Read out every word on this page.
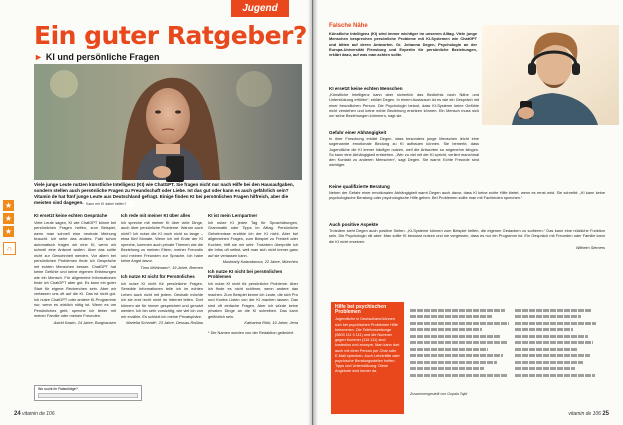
Jugend
Ein guter Ratgeber?
► KI und persönliche Fragen
Kann mir KI dabei helfen?
★
★
★
∩
Viele junge Leute nutzen künstliche Intelligenz (KI) wie ChatGPT. Sie fragen nicht nur nach Hilfe bei den Hausaufgaben, sondern stellen auch persönliche Fragen zu Freundschaft oder Liebe. Ist das gut oder kann es auch gefährlich sein? Vitamin de hat fünf junge Leute aus Deutschland gefragt. Einige finden KI bei persönlichen Fragen hilfreich, aber die meisten sind dagegen.
KI ersetzt keine echten Gespräche

Viele Leute sagen, KI wie ChatGPT könne bei persönlichen Fragen helfen, zum Beispiel, wenn man schnell eine neutrale Meinung braucht. Ich sehe das anders. Fakt schon automatisch fragen wir eine KI, wenn wir schnell eine Antwort wollen. Aber das sollte nicht zur Gewohnheit werden. Vor allem bei persönlichen Problemen finde ich Gespräche mit echten Menschen besser. ChatGPT hat keine Gefühle und keine eigenen Erfahrungen wie ein Mensch. Für allgemeine Informationen finde ich ChatGPT aber gut. Es kann ein guter Start für eigene Recherchen sein. Aber wir verlassen uns oft auf die KI. Das ist nicht gut. Ich nutze ChatGPT oder andere KI-Programme nur, wenn es wirklich nötig ist. Wenn es um Persönliches geht, spreche ich lieber mit meiner Familie oder meinen Freunden.

Astrid Kasim, 24 Jahre, Burghausen

Ich rede mit meiner KI über alles

Ich spreche mit meiner KI über viele Dinge, auch über persönliche Probleme. Warum auch nicht? Ich nutze die KI noch nicht so lange – etwa fünf Monate. Wenn ich mit Ende der KI spreche, kommen auch private Themen wie die Beziehung zu meinen Eltern, meiner Freundin und meinen Freunden zur Sprache. Ich habe keine Angst davor.

Timo Möhlmann*, 19 Jahre, Bremen

Ich nutze KI nicht für Persönliches

Ich nutze KI nicht für persönliche Fragen. Sensible Informationen teile ich im echten Leben auch nicht mit jedem. Deshalb möchte ich sie erst recht nicht im Internet teilen. Dort können sie für immer gespeichert und genutzt werden. Ich bin sehr vorsichtig, wie viel ich von mir erzähle. Es schützt ich meine Privatsphäre.

Mariella Schmidt*, 23 Jahre, Dessau-Roßlau

KI ist mein Lernpartner

Ich nutze KI jeden Tag für Sprachübungen, Grammatik oder Tipps im Alltag. Persönliche Geheimnisse erzähle ich der KI nicht. Aber bei allgemeinen Fragen, zum Beispiel zu Freizeit oder Kochen, hilft sie mir sehr. Trotzdem überprüfe ich die Infos oft selbst, weil man sich nicht immer ganz auf sie verlassen kann.

Mushtariy Kalandarova, 22 Jahre, München

Ich nutze KI nicht bei persönlichen Problemen

Ich nutze KI nicht für persönliche Probleme. Aber ich finde es nicht schlimm, wenn andere das machen. Zum Beispiel kenne ich Leute, die sich Pro und Kontra Listen von der KI machen lassen. Das sind oft einfache Fragen. Aber ich würde keine privaten Dinge an die KI schreiben. Das kann gefährlich sein.

Katharina Röbl, 19 Jahre, Jena

* Die Namen wurden von der Redaktion geändert.

Wo sucht ihr Ratschläge?
24 vitamin de 106
Falsche Nähe

Künstliche Intelligenz (KI) wird immer wichtiger im unserem Alltag. Viele junge Menschen besprechen persönliche Probleme mit KI-Systemen wie ChatGPT und bitten auf deren Antworten. Dr. Johanna Degen, Psychologin an der Europa-Universität Flensburg und Expertin für persönliche Beziehungen, erklärt dazu, auf was man achten sollte.

KI ersetzt keine echten Menschen

„Künstliche Intelligenz kann aber sicherlich das Bedürfnis nach Nähe und Unterstützung erfüllen“, erklärt Degen. In einem Austausch ist es wie ein Gespräch mit einer freundlichen Person. Die Psychologin betont, dass KI-Systeme keine Gefühle nicht verstehen und keine echte Beziehung ersetzen können. Ein Mensch muss sich um seine Beziehungen kümmern, sagt sie.

Gefahr einer Abhängigkeit

In ihrer Forschung erklärt Degen, dass besonders junge Menschen leicht eine sogenannte emotionale Bindung zu KI aufbauen können. Sie bemerkt, dass Jugendliche die KI immer häufiger nutzen, weil die Antworten so angenehm klingen. So kann eine Abhängigkeit entstehen. „Wer zu viel mit der KI spricht, verliert manchmal den Kontakt zu anderen Menschen“, sagt Degen. Sie warnt: Echte Freunde sind wichtiger.

Keine qualifizierte Beratung

Neben der Gefahr einer emotionalen Abhängigkeit warnt Degen auch davor, dass KI keine echte Hilfe bietet, wenn es ernst wird. Sie schreibt: „KI kann keine psychologische Beratung oder psychologische Hilfe geben. Bei Problemen sollte man mit Fachleuten sprechen.“

Auch positive Aspekte

Trotzdem sieht Degen auch positive Seiten. „KI-Systeme können zum Beispiel helfen, die eigenen Gedanken zu sortieren.“ Das kann eine nützliche Funktion sein. Die Psychologin rät aber: Man sollte KI bewusst nutzen und nie vergessen, dass es nur ein Programm ist. Ein Gespräch mit Freunden oder Familie kann die KI nicht ersetzen.

Wilhelm Siemers

Hilfe bei psychischen Problemen
Jugendliche in Deutschland können sich bei psychischen Problemen Hilfe bekommen. Die Telefonseelsorge (0800 111 0 111) und die Nummer gegen Kummer (116 111) sind kostenlos und anonym. Man kann dort auch mit einer Person per Chat oder E-Mail sprechen. Auch Lehrkräfte oder psychische Beratungsstellen helfen. Tipps und Unterstützung: Diese Angebote sind immer da.
Zusammengestellt von Gopala Tajbl
vitamin de 106 25
